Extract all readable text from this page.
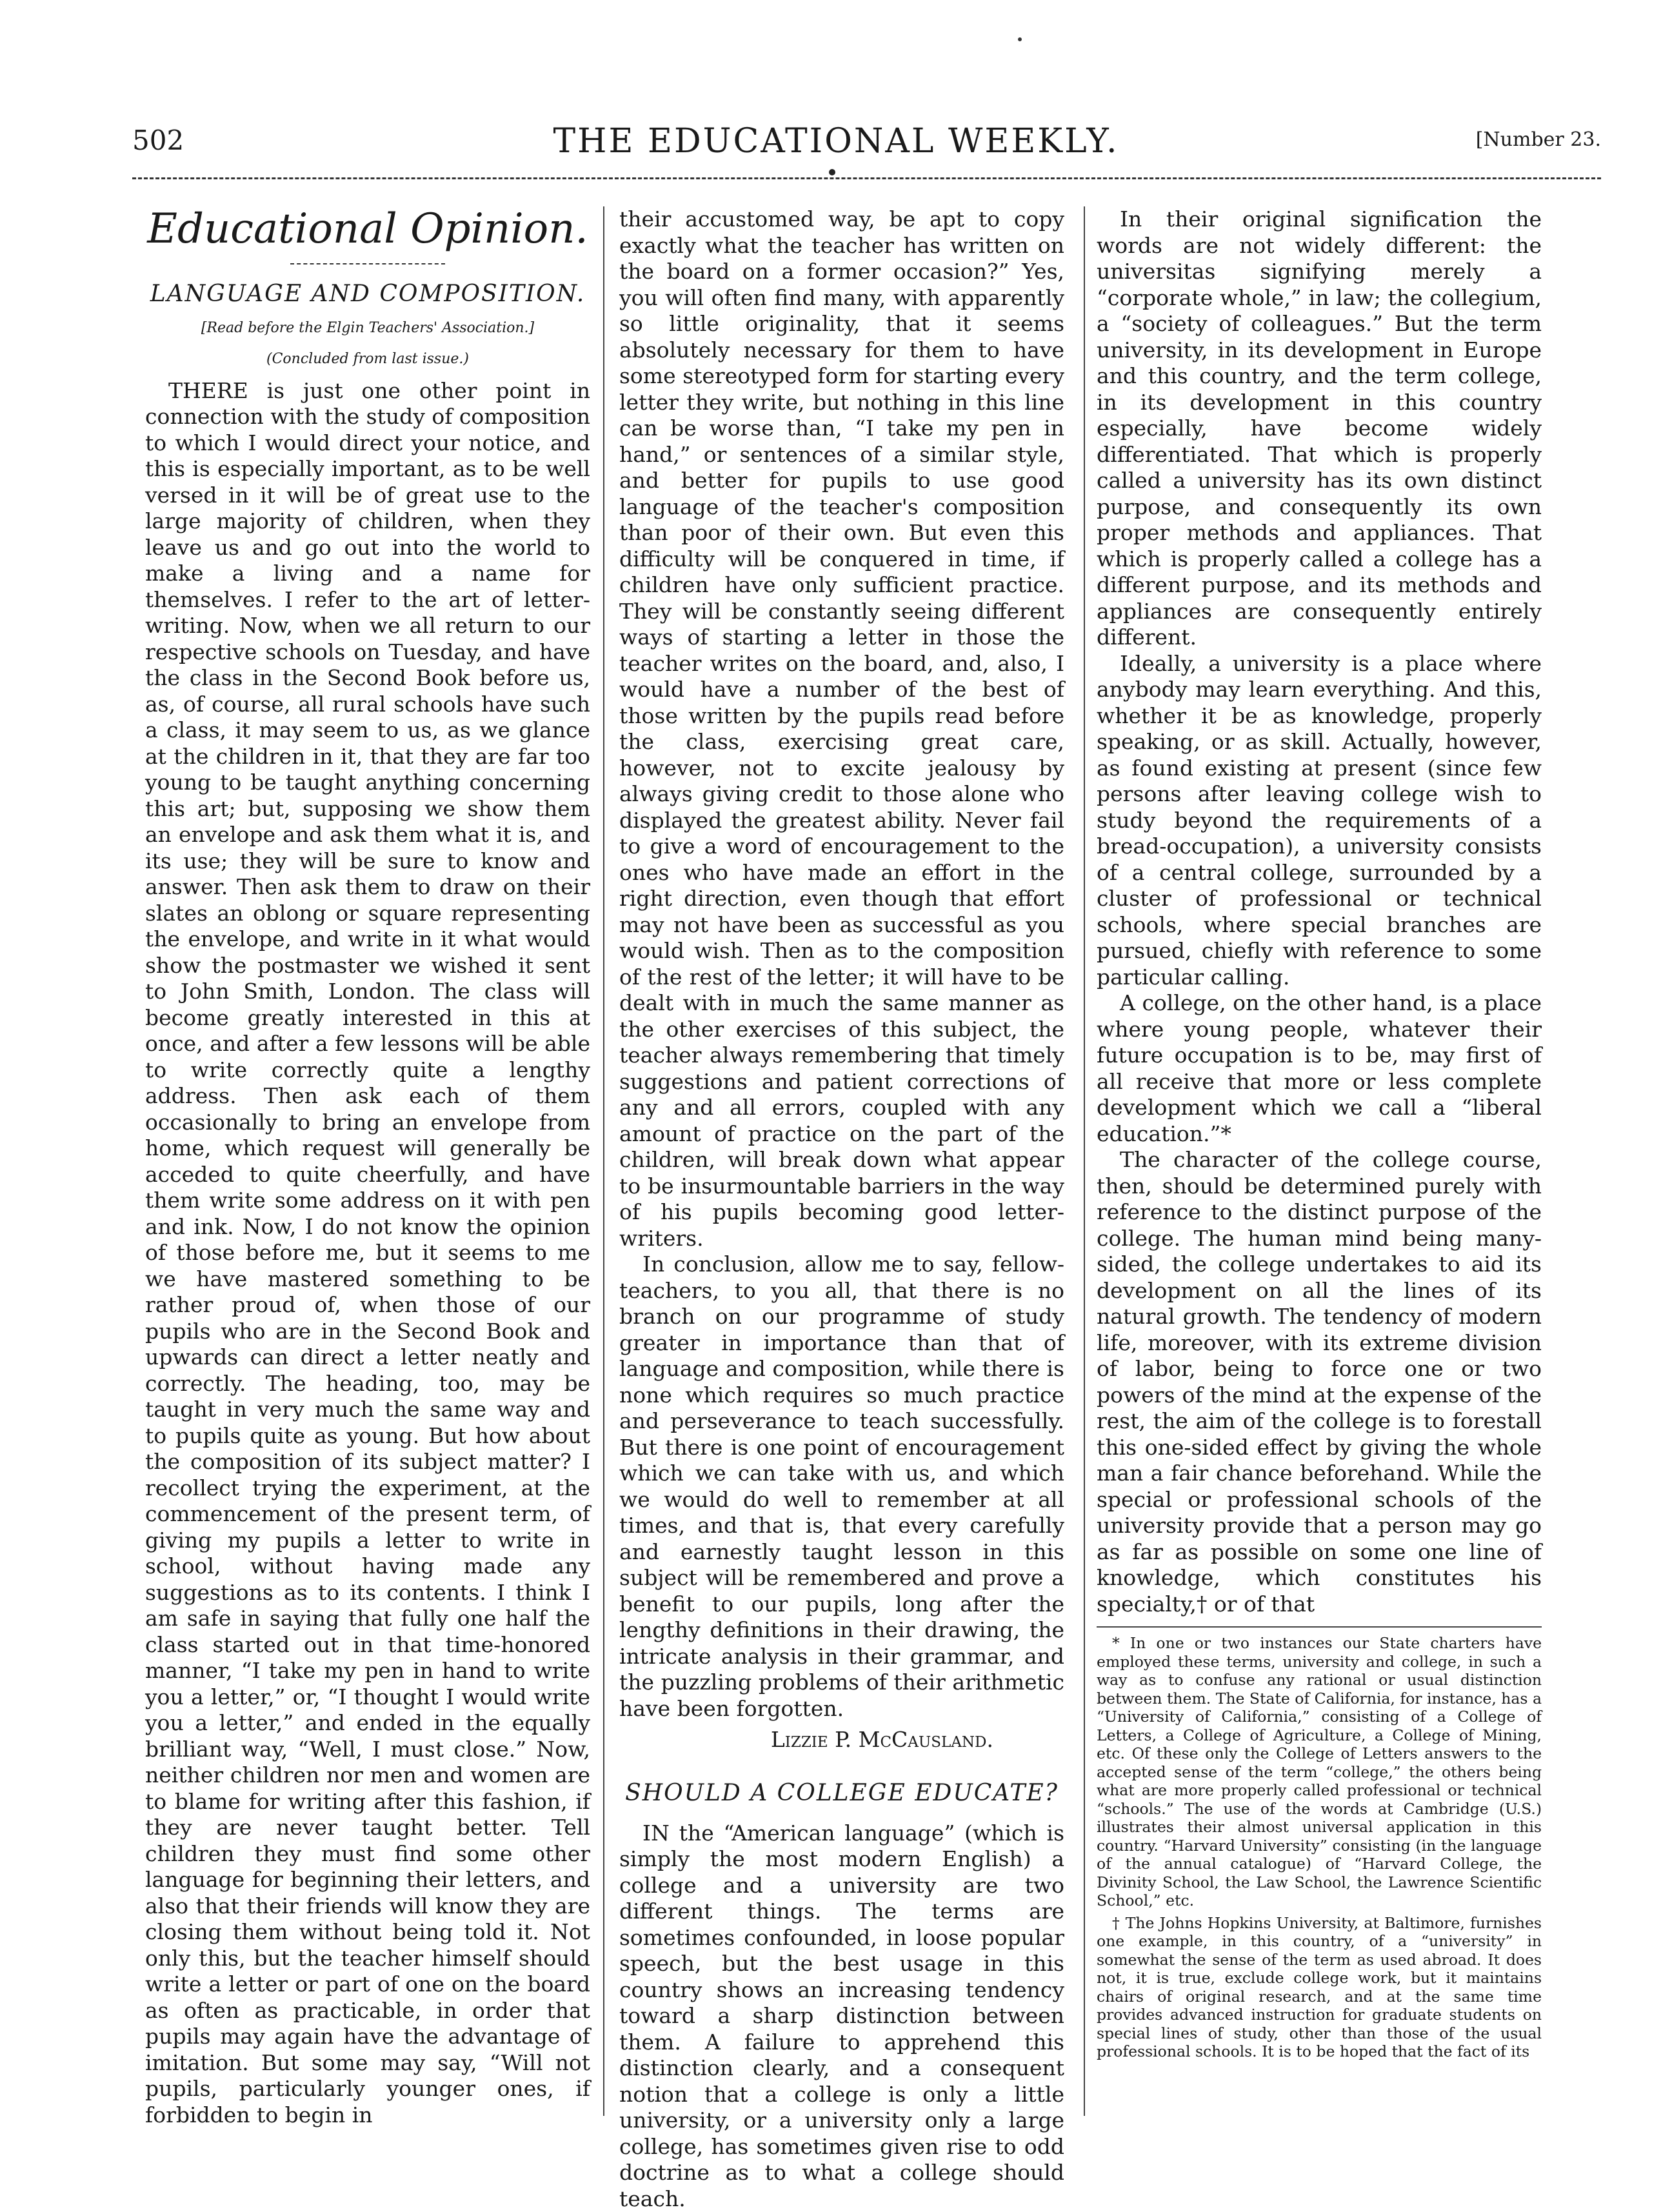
502	THE EDUCATIONAL WEEKLY.	[Number 23.
Educational Opinion.
LANGUAGE AND COMPOSITION.
[Read before the Elgin Teachers' Association.]
(Concluded from last issue.)

THERE is just one other point in connection with the study of composition to which I would direct your notice, and this is especially important, as to be well versed in it will be of great use to the large majority of children, when they leave us and go out into the world to make a living and a name for themselves. I refer to the art of letter-writing. Now, when we all return to our respective schools on Tuesday, and have the class in the Second Book before us, as, of course, all rural schools have such a class, it may seem to us, as we glance at the children in it, that they are far too young to be taught anything concerning this art; but, supposing we show them an envelope and ask them what it is, and its use; they will be sure to know and answer. Then ask them to draw on their slates an oblong or square representing the envelope, and write in it what would show the postmaster we wished it sent to John Smith, London. The class will become greatly interested in this at once, and after a few lessons will be able to write correctly quite a lengthy address. Then ask each of them occasionally to bring an envelope from home, which request will generally be acceded to quite cheerfully, and have them write some address on it with pen and ink. Now, I do not know the opinion of those before me, but it seems to me we have mastered something to be rather proud of, when those of our pupils who are in the Second Book and upwards can direct a letter neatly and correctly. The heading, too, may be taught in very much the same way and to pupils quite as young. But how about the composition of its subject matter? I recollect trying the experiment, at the commencement of the present term, of giving my pupils a letter to write in school, without having made any suggestions as to its contents. I think I am safe in saying that fully one half the class started out in that time-honored manner, “I take my pen in hand to write you a letter,” or, “I thought I would write you a letter,” and ended in the equally brilliant way, “Well, I must close.” Now, neither children nor men and women are to blame for writing after this fashion, if they are never taught better. Tell children they must find some other language for beginning their letters, and also that their friends will know they are closing them without being told it. Not only this, but the teacher himself should write a letter or part of one on the board as often as practicable, in order that pupils may again have the advantage of imitation. But some may say, “Will not pupils, particularly younger ones, if forbidden to begin in

their accustomed way, be apt to copy exactly what the teacher has written on the board on a former occasion?” Yes, you will often find many, with apparently so little originality, that it seems absolutely necessary for them to have some stereotyped form for starting every letter they write, but nothing in this line can be worse than, “I take my pen in hand,” or sentences of a similar style, and better for pupils to use good language of the teacher's composition than poor of their own. But even this difficulty will be conquered in time, if children have only sufficient practice. They will be constantly seeing different ways of starting a letter in those the teacher writes on the board, and, also, I would have a number of the best of those written by the pupils read before the class, exercising great care, however, not to excite jealousy by always giving credit to those alone who displayed the greatest ability. Never fail to give a word of encouragement to the ones who have made an effort in the right direction, even though that effort may not have been as successful as you would wish. Then as to the composition of the rest of the letter; it will have to be dealt with in much the same manner as the other exercises of this subject, the teacher always remembering that timely suggestions and patient corrections of any and all errors, coupled with any amount of practice on the part of the children, will break down what appear to be insurmountable barriers in the way of his pupils becoming good letter-writers.

In conclusion, allow me to say, fellow-teachers, to you all, that there is no branch on our programme of study greater in importance than that of language and composition, while there is none which requires so much practice and perseverance to teach successfully. But there is one point of encouragement which we can take with us, and which we would do well to remember at all times, and that is, that every carefully and earnestly taught lesson in this subject will be remembered and prove a benefit to our pupils, long after the lengthy definitions in their drawing, the intricate analysis in their grammar, and the puzzling problems of their arithmetic have been forgotten.

Lizzie P. McCausland.
SHOULD A COLLEGE EDUCATE?

IN the “American language” (which is simply the most modern English) a college and a university are two different things. The terms are sometimes confounded, in loose popular speech, but the best usage in this country shows an increasing tendency toward a sharp distinction between them. A failure to apprehend this distinction clearly, and a consequent notion that a college is only a little university, or a university only a large college, has sometimes given rise to odd doctrine as to what a college should teach.

In their original signification the words are not widely different: the universitas signifying merely a “corporate whole,” in law; the collegium, a “society of colleagues.” But the term university, in its development in Europe and this country, and the term college, in its development in this country especially, have become widely differentiated. That which is properly called a university has its own distinct purpose, and consequently its own proper methods and appliances. That which is properly called a college has a different purpose, and its methods and appliances are consequently entirely different.

Ideally, a university is a place where anybody may learn everything. And this, whether it be as knowledge, properly speaking, or as skill. Actually, however, as found existing at present (since few persons after leaving college wish to study beyond the requirements of a bread-occupation), a university consists of a central college, surrounded by a cluster of professional or technical schools, where special branches are pursued, chiefly with reference to some particular calling.

A college, on the other hand, is a place where young people, whatever their future occupation is to be, may first of all receive that more or less complete development which we call a “liberal education.”*

The character of the college course, then, should be determined purely with reference to the distinct purpose of the college. The human mind being many-sided, the college undertakes to aid its development on all the lines of its natural growth. The tendency of modern life, moreover, with its extreme division of labor, being to force one or two powers of the mind at the expense of the rest, the aim of the college is to forestall this one-sided effect by giving the whole man a fair chance beforehand. While the special or professional schools of the university provide that a person may go as far as possible on some one line of knowledge, which constitutes his specialty,† or of that

* In one or two instances our State charters have employed these terms, university and college, in such a way as to confuse any rational or usual distinction between them. The State of California, for instance, has a “University of California,” consisting of a College of Letters, a College of Agriculture, a College of Mining, etc. Of these only the College of Letters answers to the accepted sense of the term “college,” the others being what are more properly called professional or technical “schools.” The use of the words at Cambridge (U.S.) illustrates their almost universal application in this country. “Harvard University” consisting (in the language of the annual catalogue) of “Harvard College, the Divinity School, the Law School, the Lawrence Scientific School,” etc.

† The Johns Hopkins University, at Baltimore, furnishes one example, in this country, of a “university” in somewhat the sense of the term as used abroad. It does not, it is true, exclude college work, but it maintains chairs of original research, and at the same time provides advanced instruction for graduate students on special lines of study, other than those of the usual professional schools. It is to be hoped that the fact of its
